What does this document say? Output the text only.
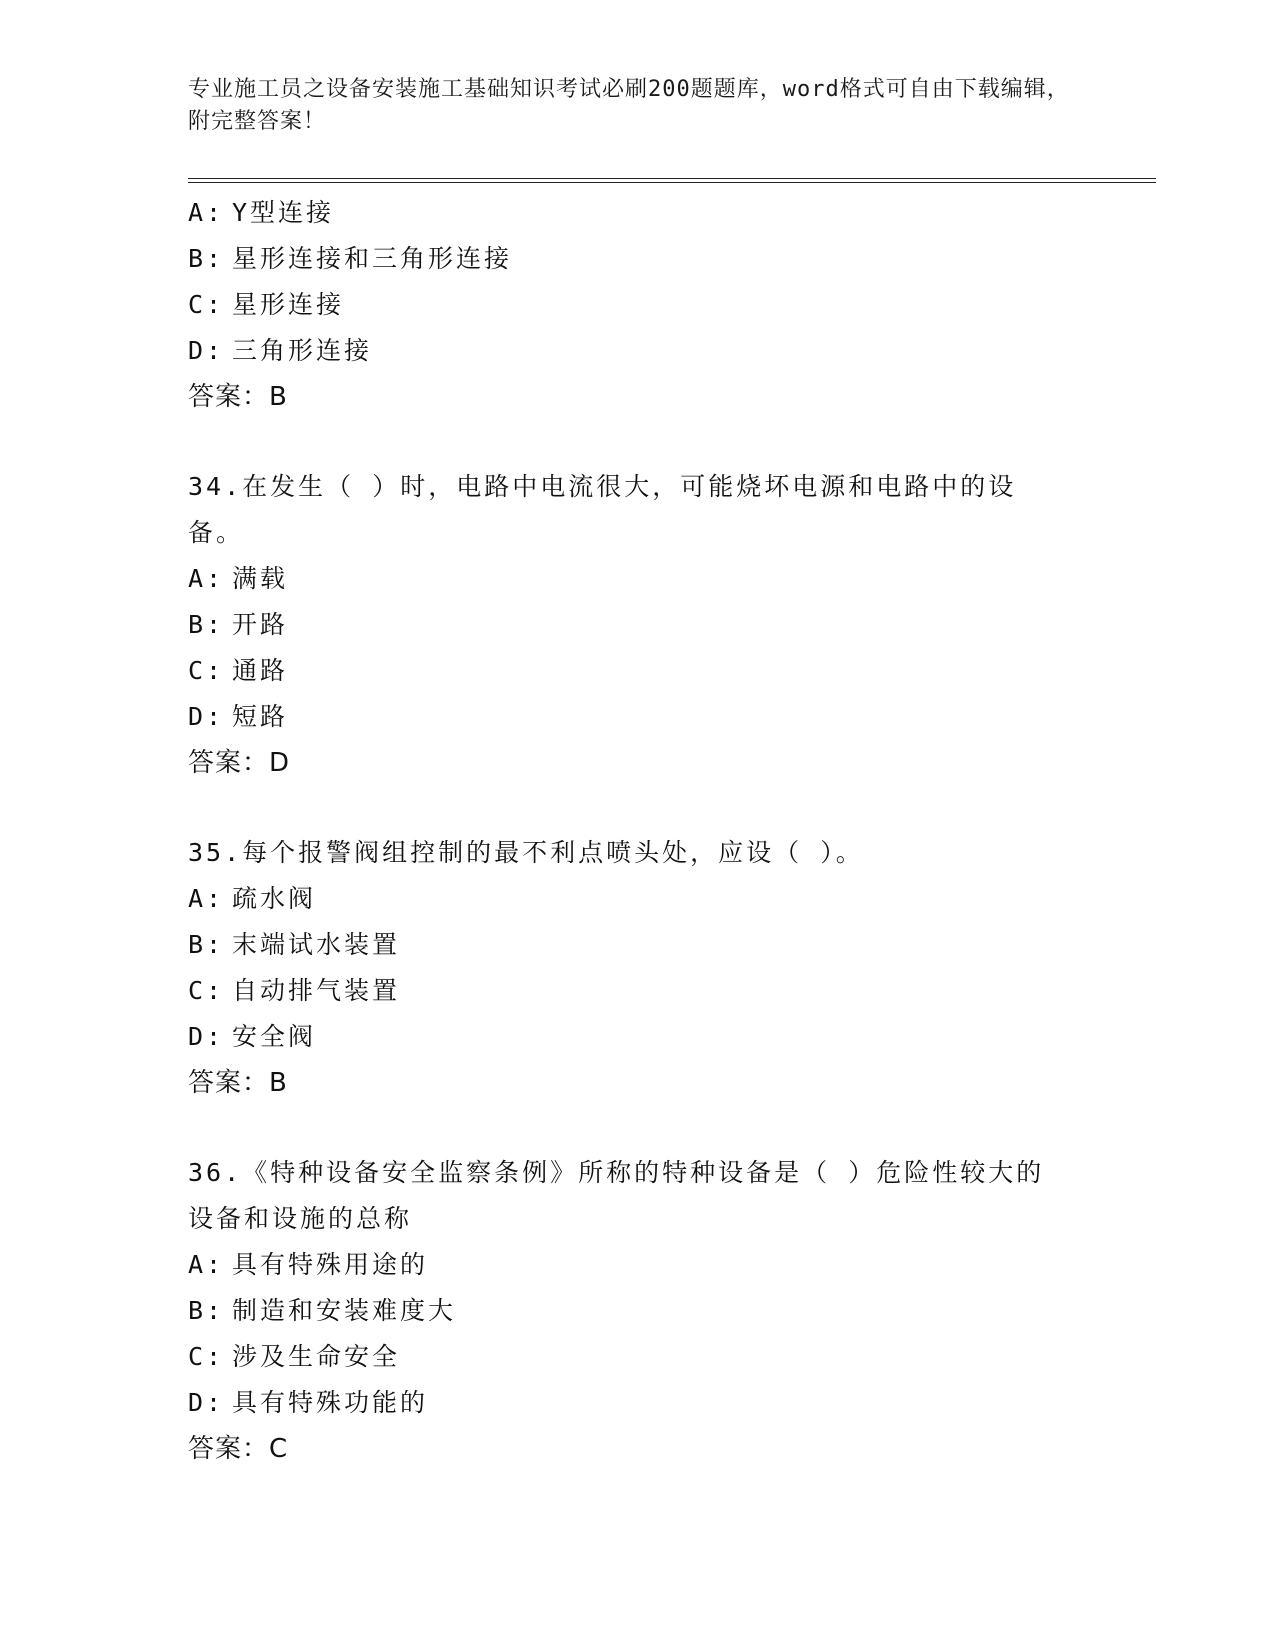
专业施工员之设备安装施工基础知识考试必刷200题题库，word格式可自由下载编辑，附完整答案！
A: Y型连接
B: 星形连接和三角形连接
C: 星形连接
D: 三角形连接
答案：B
34.在发生（ ）时，电路中电流很大，可能烧坏电源和电路中的设备。
A: 满载
B: 开路
C: 通路
D: 短路
答案：D
35.每个报警阀组控制的最不利点喷头处，应设（ ）。
A: 疏水阀
B: 末端试水装置
C: 自动排气装置
D: 安全阀
答案：B
36.《特种设备安全监察条例》所称的特种设备是（ ）危险性较大的设备和设施的总称
A: 具有特殊用途的
B: 制造和安装难度大
C: 涉及生命安全
D: 具有特殊功能的
答案：C
